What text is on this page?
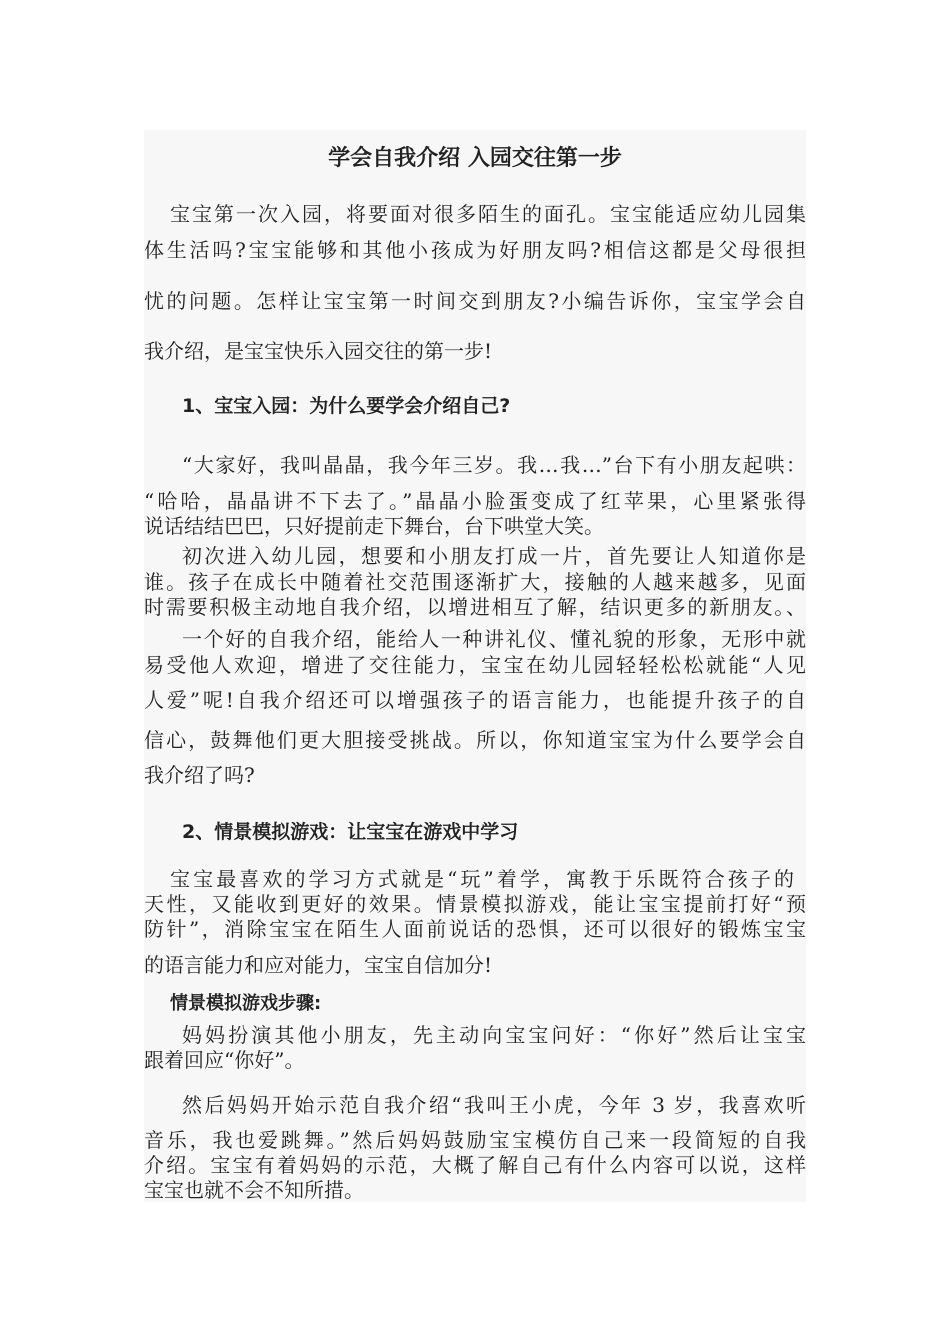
学会自我介绍 入园交往第一步
宝宝第一次入园，将要面对很多陌生的面孔。宝宝能适应幼儿园集
体生活吗?宝宝能够和其他小孩成为好朋友吗?相信这都是父母很担
忧的问题。怎样让宝宝第一时间交到朋友?小编告诉你，宝宝学会自
我介绍，是宝宝快乐入园交往的第一步!
1、宝宝入园：为什么要学会介绍自己?
“大家好，我叫晶晶，我今年三岁。我…我…”台下有小朋友起哄：
“哈哈，晶晶讲不下去了。”晶晶小脸蛋变成了红苹果，心里紧张得
说话结结巴巴，只好提前走下舞台，台下哄堂大笑。
初次进入幼儿园，想要和小朋友打成一片，首先要让人知道你是
谁。孩子在成长中随着社交范围逐渐扩大，接触的人越来越多，见面
时需要积极主动地自我介绍，以增进相互了解，结识更多的新朋友。、
一个好的自我介绍，能给人一种讲礼仪、懂礼貌的形象，无形中就
易受他人欢迎，增进了交往能力，宝宝在幼儿园轻轻松松就能“人见
人爱”呢!自我介绍还可以增强孩子的语言能力，也能提升孩子的自
信心，鼓舞他们更大胆接受挑战。所以，你知道宝宝为什么要学会自
我介绍了吗?
2、情景模拟游戏：让宝宝在游戏中学习
宝宝最喜欢的学习方式就是“玩”着学，寓教于乐既符合孩子的
天性，又能收到更好的效果。情景模拟游戏，能让宝宝提前打好“预
防针”，消除宝宝在陌生人面前说话的恐惧，还可以很好的锻炼宝宝
的语言能力和应对能力，宝宝自信加分!
情景模拟游戏步骤:
妈妈扮演其他小朋友，先主动向宝宝问好：“你好”然后让宝宝
跟着回应“你好”。
然后妈妈开始示范自我介绍“我叫王小虎，今年 3 岁，我喜欢听
音乐，我也爱跳舞。”然后妈妈鼓励宝宝模仿自己来一段简短的自我
介绍。宝宝有着妈妈的示范，大概了解自己有什么内容可以说，这样
宝宝也就不会不知所措。
